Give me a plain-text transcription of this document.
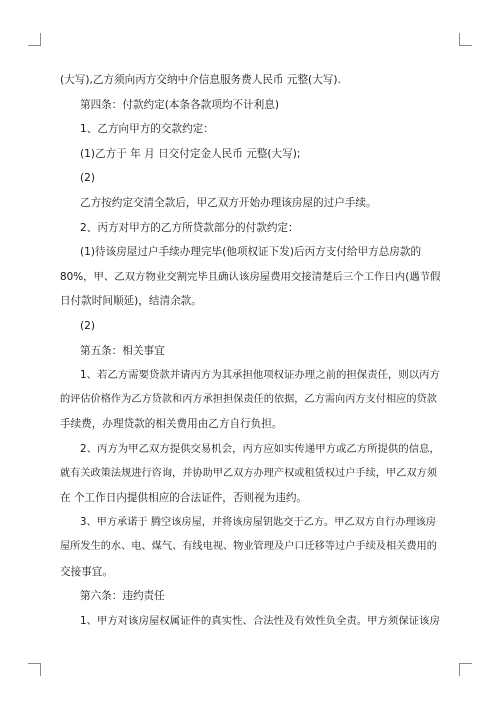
(大写),乙方须向丙方交纳中介信息服务费人民币 元整(大写).

第四条：付款约定(本条各款项均不计利息)

1、乙方向甲方的交款约定：

(1)乙方于 年 月 日交付定金人民币 元整(大写);

(2)

乙方按约定交清全款后，甲乙双方开始办理该房屋的过户手续。

2、丙方对甲方的乙方所贷款部分的付款约定：

(1)待该房屋过户手续办理完毕(他项权证下发)后丙方支付给甲方总房款的

80%，甲、乙双方物业交割完毕且确认该房屋费用交接清楚后三个工作日内(遇节假

日付款时间顺延)，结清余款。

(2)

第五条：相关事宜

1、若乙方需要贷款并请丙方为其承担他项权证办理之前的担保责任，则以丙方

的评估价格作为乙方贷款和丙方承担担保责任的依据，乙方需向丙方支付相应的贷款

手续费，办理贷款的相关费用由乙方自行负担。

2、丙方为甲乙双方提供交易机会，丙方应如实传递甲方或乙方所提供的信息，

就有关政策法规进行咨询，并协助甲乙双方办理产权或租赁权过户手续，甲乙双方须

在 个工作日内提供相应的合法证件，否则视为违约。

3、甲方承诺于 腾空该房屋，并将该房屋钥匙交于乙方。甲乙双方自行办理该房

屋所发生的水、电、煤气、有线电视、物业管理及户口迁移等过户手续及相关费用的

交接事宜。

第六条：违约责任

1、甲方对该房屋权属证件的真实性、合法性及有效性负全责。甲方须保证该房
